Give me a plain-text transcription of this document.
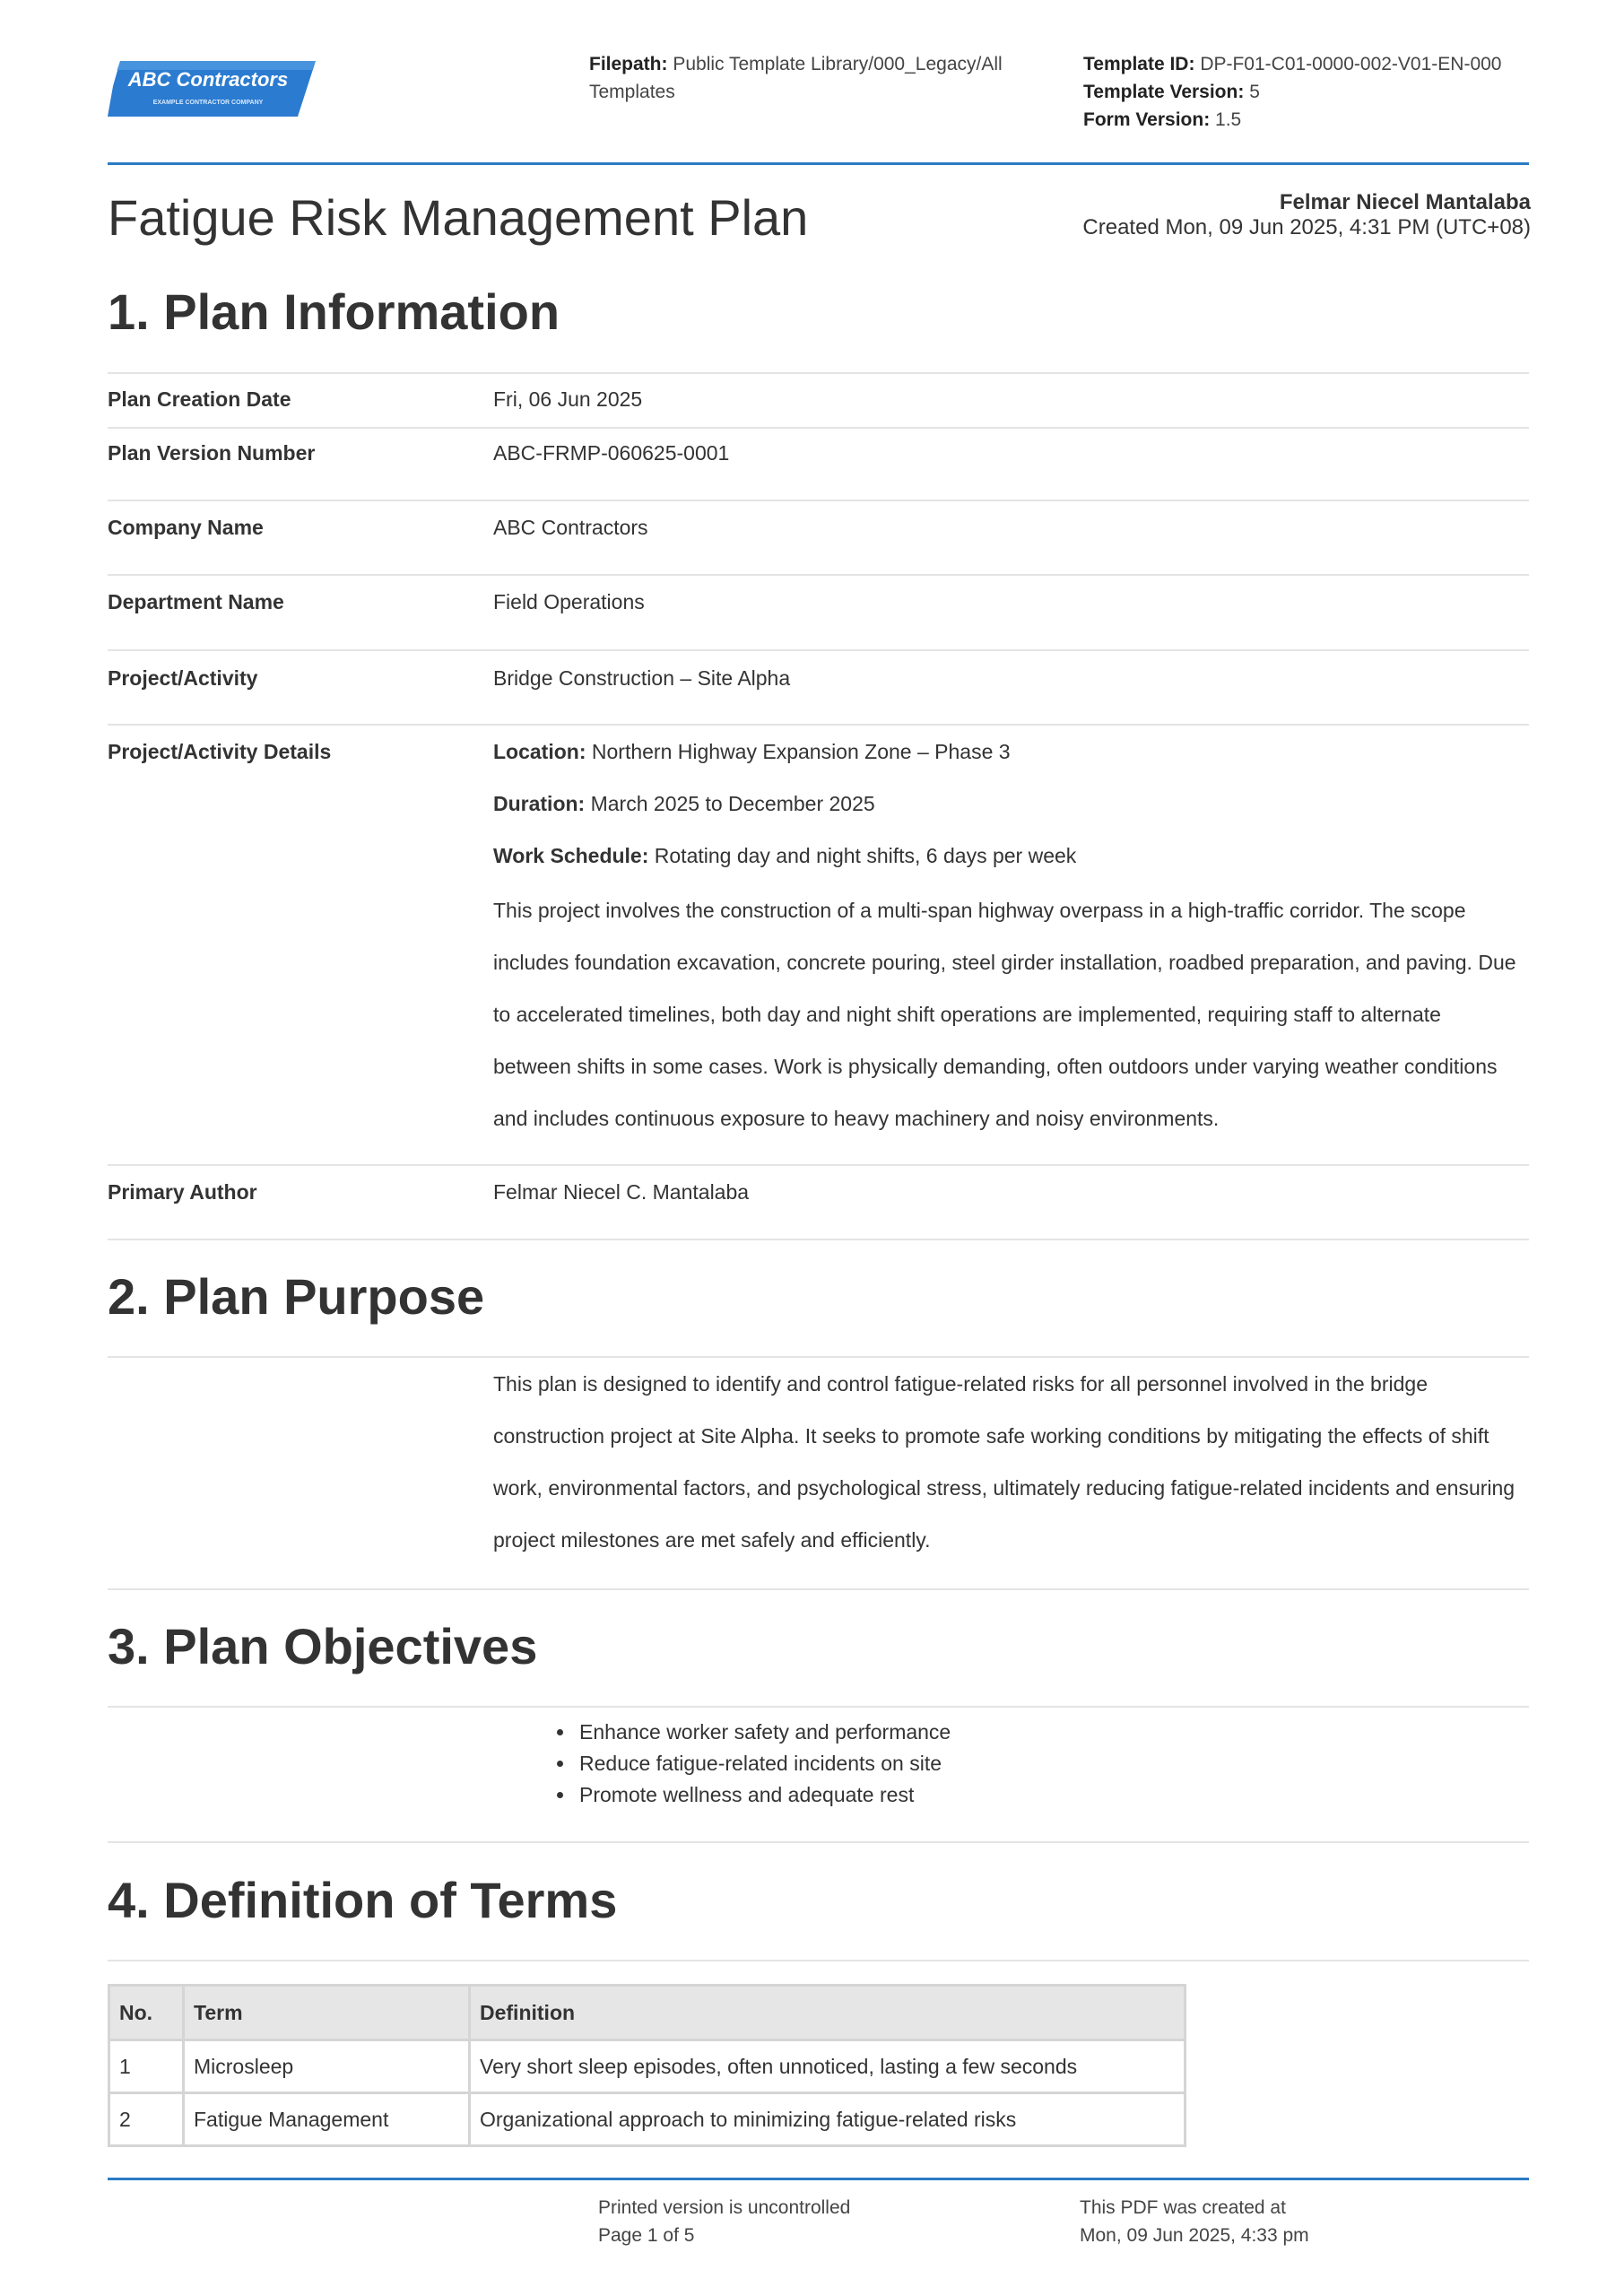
ABC Contractors
EXAMPLE CONTRACTOR COMPANY
Filepath: Public Template Library/000_Legacy/All Templates
Template ID: DP-F01-C01-0000-002-V01-EN-000
Template Version: 5
Form Version: 1.5
Fatigue Risk Management Plan	Felmar Niecel Mantalaba
Created Mon, 09 Jun 2025, 4:31 PM (UTC+08)
1. Plan Information
Plan Creation Date	Fri, 06 Jun 2025
Plan Version Number	ABC-FRMP-060625-0001
Company Name	ABC Contractors
Department Name	Field Operations
Project/Activity	Bridge Construction – Site Alpha
Project/Activity Details	Location: Northern Highway Expansion Zone – Phase 3
Duration: March 2025 to December 2025
Work Schedule: Rotating day and night shifts, 6 days per week
This project involves the construction of a multi-span highway overpass in a high-traffic corridor. The scope includes foundation excavation, concrete pouring, steel girder installation, roadbed preparation, and paving. Due to accelerated timelines, both day and night shift operations are implemented, requiring staff to alternate between shifts in some cases. Work is physically demanding, often outdoors under varying weather conditions and includes continuous exposure to heavy machinery and noisy environments.
Primary Author	Felmar Niecel C. Mantalaba
2. Plan Purpose
This plan is designed to identify and control fatigue-related risks for all personnel involved in the bridge construction project at Site Alpha. It seeks to promote safe working conditions by mitigating the effects of shift work, environmental factors, and psychological stress, ultimately reducing fatigue-related incidents and ensuring project milestones are met safely and efficiently.
3. Plan Objectives
• Enhance worker safety and performance
• Reduce fatigue-related incidents on site
• Promote wellness and adequate rest
4. Definition of Terms
No.	Term	Definition
1	Microsleep	Very short sleep episodes, often unnoticed, lasting a few seconds
2	Fatigue Management	Organizational approach to minimizing fatigue-related risks
Printed version is uncontrolled
Page 1 of 5
This PDF was created at
Mon, 09 Jun 2025, 4:33 pm
